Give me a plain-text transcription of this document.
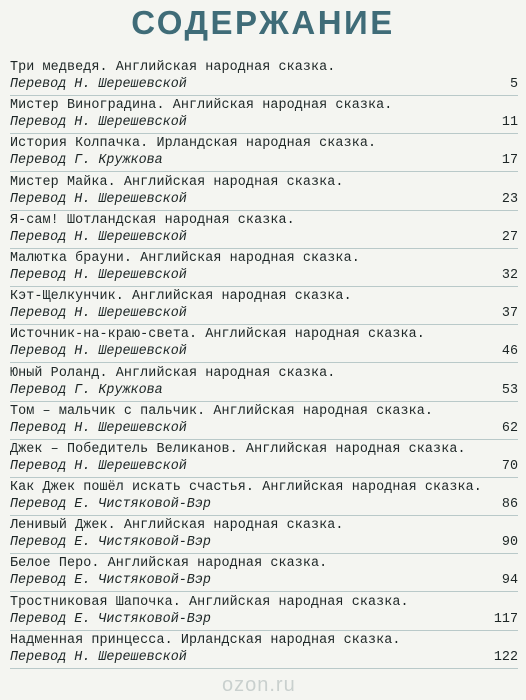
СОДЕРЖАНИЕ
Три медведя. Английская народная сказка.
Перевод Н. Шерешевской	5
Мистер Виноградина. Английская народная сказка.
Перевод Н. Шерешевской	11
История Колпачка. Ирландская народная сказка.
Перевод Г. Кружкова	17
Мистер Майка. Английская народная сказка.
Перевод Н. Шерешевской	23
Я-сам! Шотландская народная сказка.
Перевод Н. Шерешевской	27
Малютка брауни. Английская народная сказка.
Перевод Н. Шерешевской	32
Кэт-Щелкунчик. Английская народная сказка.
Перевод Н. Шерешевской	37
Источник-на-краю-света. Английская народная сказка.
Перевод Н. Шерешевской	46
Юный Роланд. Английская народная сказка.
Перевод Г. Кружкова	53
Том – мальчик с пальчик. Английская народная сказка.
Перевод Н. Шерешевской	62
Джек – Победитель Великанов. Английская народная сказка.
Перевод Н. Шерешевской	70
Как Джек пошёл искать счастья. Английская народная сказка.
Перевод Е. Чистяковой-Вэр	86
Ленивый Джек. Английская народная сказка.
Перевод Е. Чистяковой-Вэр	90
Белое Перо. Английская народная сказка.
Перевод Е. Чистяковой-Вэр	94
Тростниковая Шапочка. Английская народная сказка.
Перевод Е. Чистяковой-Вэр	117
Надменная принцесса. Ирландская народная сказка.
Перевод Н. Шерешевской	122
ozon.ru
